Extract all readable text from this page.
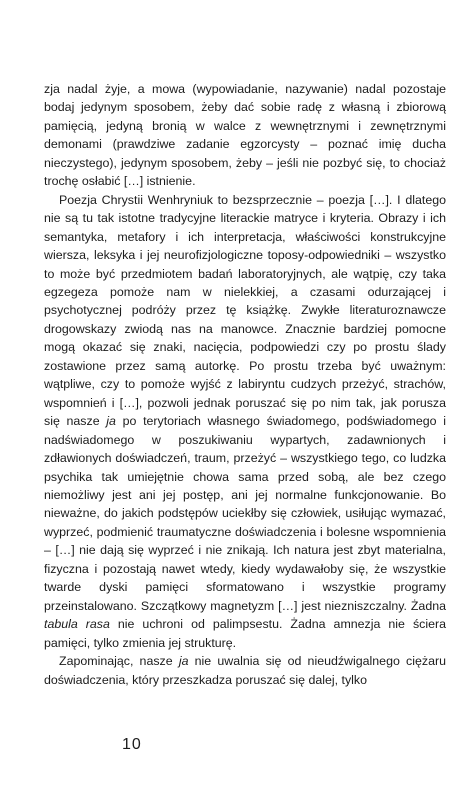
zja nadal żyje, a mowa (wypowiadanie, nazywanie) nadal pozostaje bodaj jedynym sposobem, żeby dać sobie radę z własną i zbiorową pamięcią, jedyną bronią w walce z wewnętrznymi i zewnętrznymi demonami (prawdziwe zadanie egzorcysty – poznać imię ducha nieczystego), jedynym sposobem, żeby – jeśli nie pozbyć się, to chociaż trochę osłabić […] istnienie.

Poezja Chrystii Wenhryniuk to bezsprzecznie – poezja […]. I dlatego nie są tu tak istotne tradycyjne literackie matryce i kryteria. Obrazy i ich semantyka, metafory i ich interpretacja, właściwości konstrukcyjne wiersza, leksyka i jej neurofizjologiczne toposy-odpowiedniki – wszystko to może być przedmiotem badań laboratoryjnych, ale wątpię, czy taka egzegeza pomoże nam w nielekkiej, a czasami odurzającej i psychotycznej podróży przez tę książkę. Zwykłe literaturoznawcze drogowskazy zwiodą nas na manowce. Znacznie bardziej pomocne mogą okazać się znaki, nacięcia, podpowiedzi czy po prostu ślady zostawione przez samą autorkę. Po prostu trzeba być uważnym: wątpliwe, czy to pomoże wyjść z labiryntu cudzych przeżyć, strachów, wspomnień i […], pozwoli jednak poruszać się po nim tak, jak porusza się nasze ja po terytoriach własnego świadomego, podświadomego i nadświadomego w poszukiwaniu wypartych, zadawnionych i zdławionych doświadczeń, traum, przeżyć – wszystkiego tego, co ludzka psychika tak umiejętnie chowa sama przed sobą, ale bez czego niemożliwy jest ani jej postęp, ani jej normalne funkcjonowanie. Bo nieważne, do jakich podstępów uciekłby się człowiek, usiłując wymazać, wyprzeć, podmienić traumatyczne doświadczenia i bolesne wspomnienia – […] nie dają się wyprzeć i nie znikają. Ich natura jest zbyt materialna, fizyczna i pozostają nawet wtedy, kiedy wydawałoby się, że wszystkie twarde dyski pamięci sformatowano i wszystkie programy przeinstalowano. Szczątkowy magnetyzm […] jest niezniszczalny. Żadna tabula rasa nie uchroni od palimpsestu. Żadna amnezja nie ściera pamięci, tylko zmienia jej strukturę.

Zapominając, nasze ja nie uwalnia się od nieudźwigalnego ciężaru doświadczenia, który przeszkadza poruszać się dalej, tylko

10
